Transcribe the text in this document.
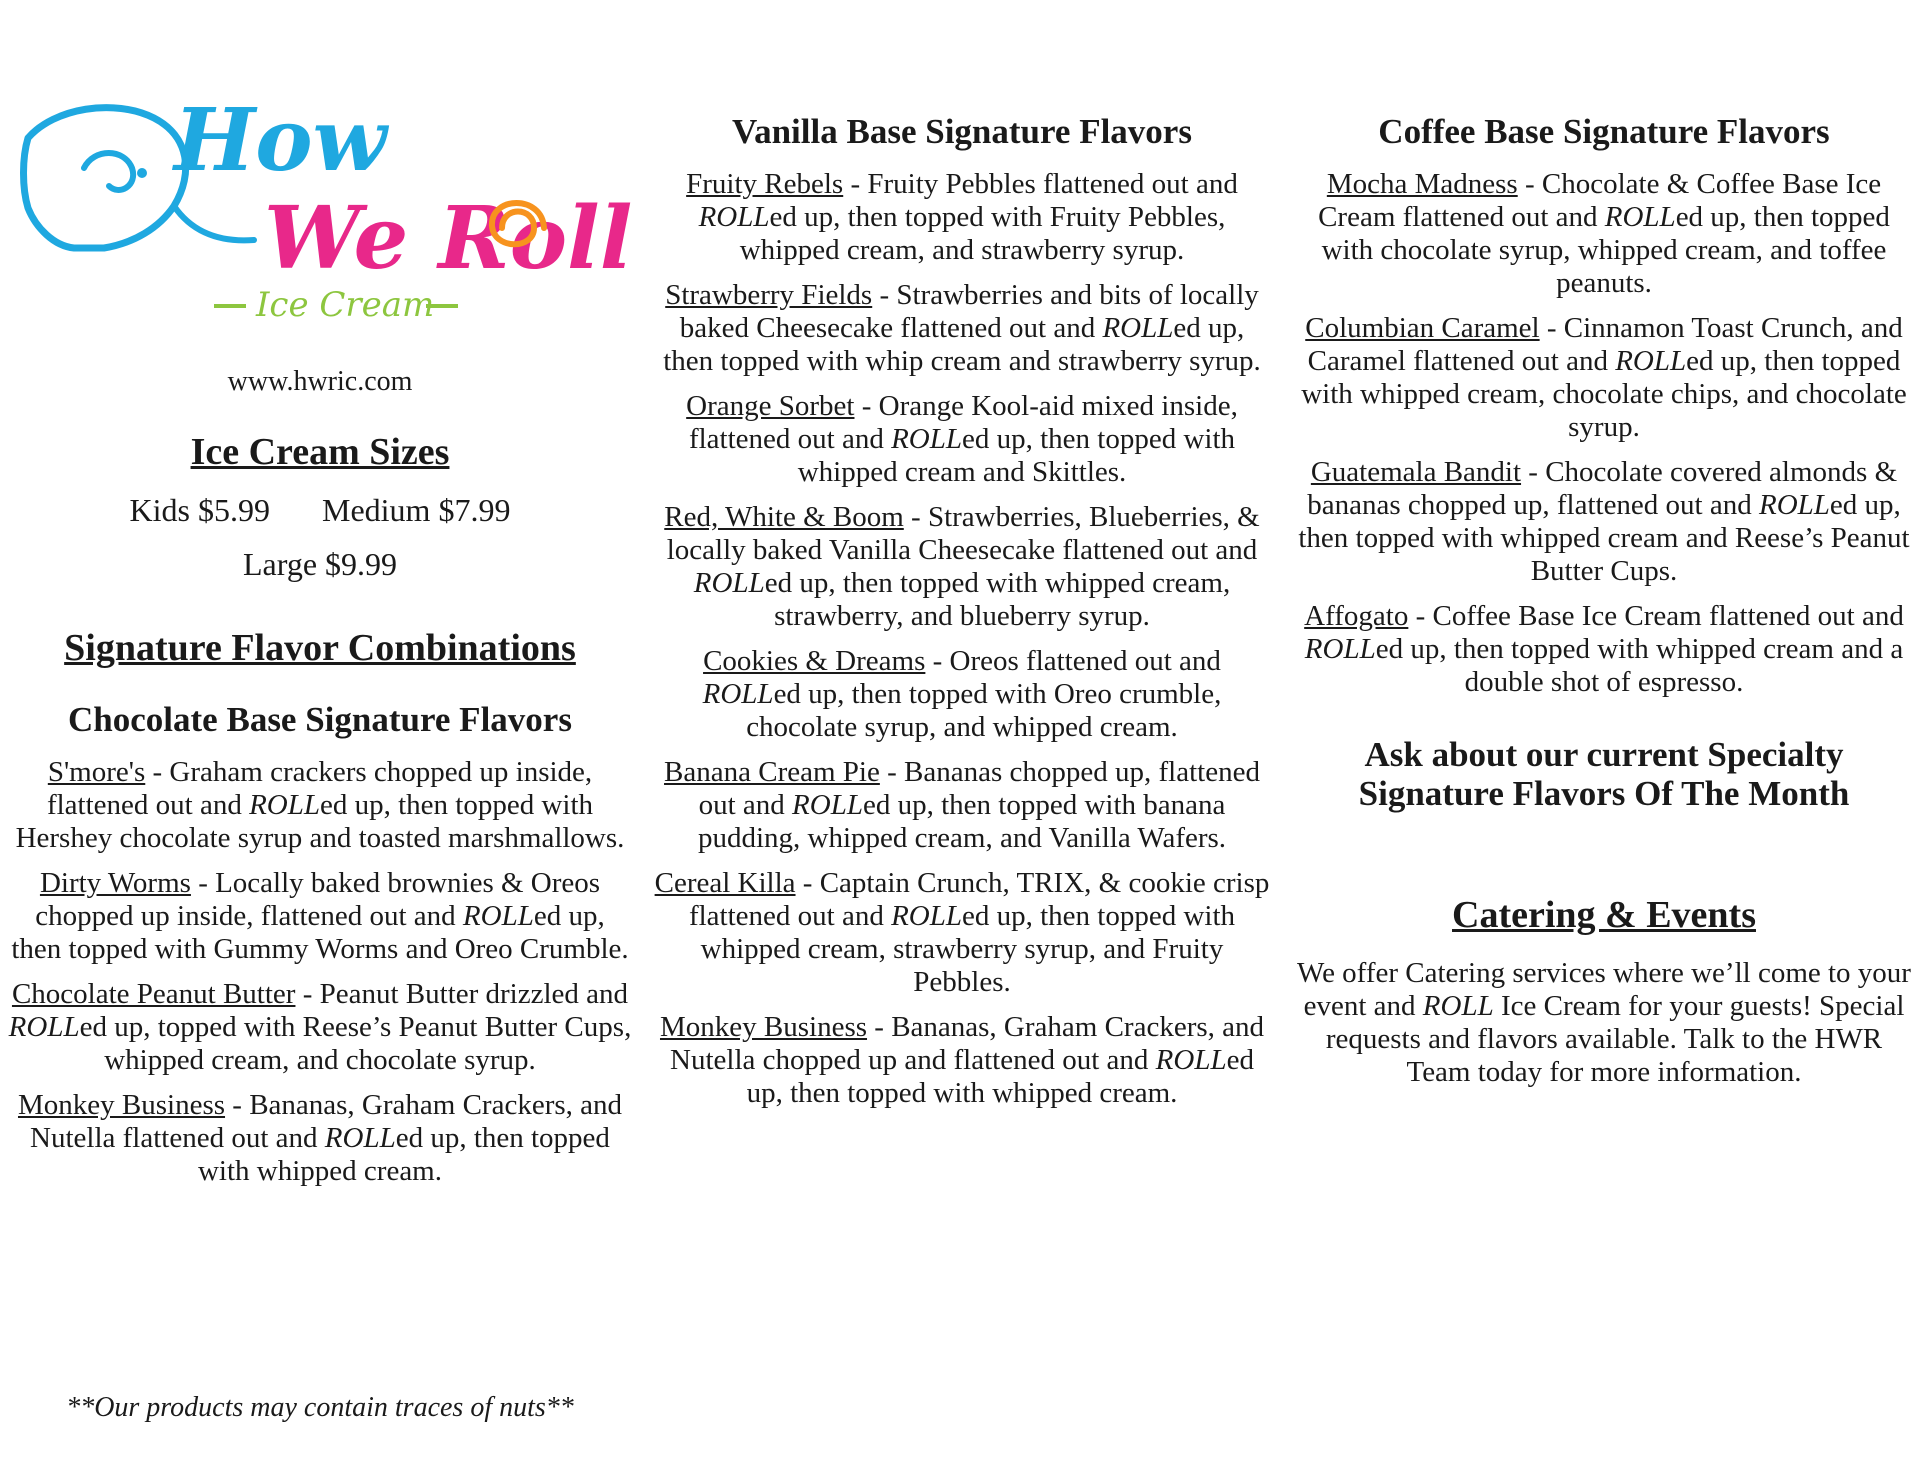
How
We Roll
Ice Cream
www.hwric.com
Ice Cream Sizes
Kids $5.99 Medium $7.99
Large $9.99
Signature Flavor Combinations
Chocolate Base Signature Flavors
S'more's - Graham crackers chopped up inside, flattened out and ROLLed up, then topped with Hershey chocolate syrup and toasted marshmallows.
Dirty Worms - Locally baked brownies & Oreos chopped up inside, flattened out and ROLLed up, then topped with Gummy Worms and Oreo Crumble.
Chocolate Peanut Butter - Peanut Butter drizzled and ROLLed up, topped with Reese’s Peanut Butter Cups, whipped cream, and chocolate syrup.
Monkey Business - Bananas, Graham Crackers, and Nutella flattened out and ROLLed up, then topped with whipped cream.
**Our products may contain traces of nuts**
Vanilla Base Signature Flavors
Fruity Rebels - Fruity Pebbles flattened out and ROLLed up, then topped with Fruity Pebbles, whipped cream, and strawberry syrup.
Strawberry Fields - Strawberries and bits of locally baked Cheesecake flattened out and ROLLed up, then topped with whip cream and strawberry syrup.
Orange Sorbet - Orange Kool-aid mixed inside, flattened out and ROLLed up, then topped with whipped cream and Skittles.
Red, White & Boom - Strawberries, Blueberries, & locally baked Vanilla Cheesecake flattened out and ROLLed up, then topped with whipped cream, strawberry, and blueberry syrup.
Cookies & Dreams - Oreos flattened out and ROLLed up, then topped with Oreo crumble, chocolate syrup, and whipped cream.
Banana Cream Pie - Bananas chopped up, flattened out and ROLLed up, then topped with banana pudding, whipped cream, and Vanilla Wafers.
Cereal Killa - Captain Crunch, TRIX, & cookie crisp flattened out and ROLLed up, then topped with whipped cream, strawberry syrup, and Fruity Pebbles.
Monkey Business - Bananas, Graham Crackers, and Nutella chopped up and flattened out and ROLLed up, then topped with whipped cream.
Coffee Base Signature Flavors
Mocha Madness - Chocolate & Coffee Base Ice Cream flattened out and ROLLed up, then topped with chocolate syrup, whipped cream, and toffee peanuts.
Columbian Caramel - Cinnamon Toast Crunch, and Caramel flattened out and ROLLed up, then topped with whipped cream, chocolate chips, and chocolate syrup.
Guatemala Bandit - Chocolate covered almonds & bananas chopped up, flattened out and ROLLed up, then topped with whipped cream and Reese’s Peanut Butter Cups.
Affogato - Coffee Base Ice Cream flattened out and ROLLed up, then topped with whipped cream and a double shot of espresso.
Ask about our current Specialty Signature Flavors Of The Month
Catering & Events
We offer Catering services where we’ll come to your event and ROLL Ice Cream for your guests! Special requests and flavors available. Talk to the HWR Team today for more information.
